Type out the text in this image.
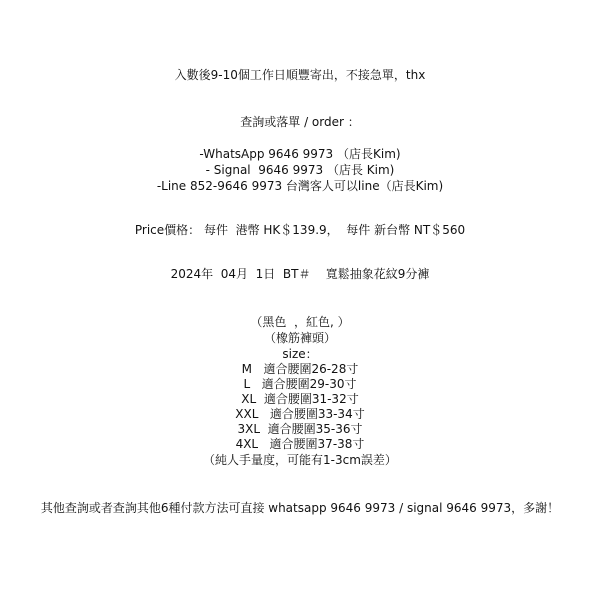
入數後9-10個工作日順豐寄出，不接急單，thx
查詢或落單 / order ：
-WhatsApp 9646 9973 （店長Kim)
- Signal  9646 9973 （店長 Kim)
-Line 852-9646 9973 台灣客人可以line（店長Kim)
Price價格： 每件  港幣 HK＄139.9，  每件 新台幣 NT＄560
2024年  04月  1日  BT＃    寬鬆抽象花紋9分褲
（黑色  ，紅色, ）
（橡筋褲頭）
size：
M   適合腰圍26-28寸
L   適合腰圍29-30寸
XL  適合腰圍31-32寸
XXL   適合腰圍33-34寸
3XL  適合腰圍35-36寸
4XL   適合腰圍37-38寸
（純人手量度，可能有1-3cm誤差）
其他查詢或者查詢其他6種付款方法可直接 whatsapp 9646 9973 / signal 9646 9973，多謝！
